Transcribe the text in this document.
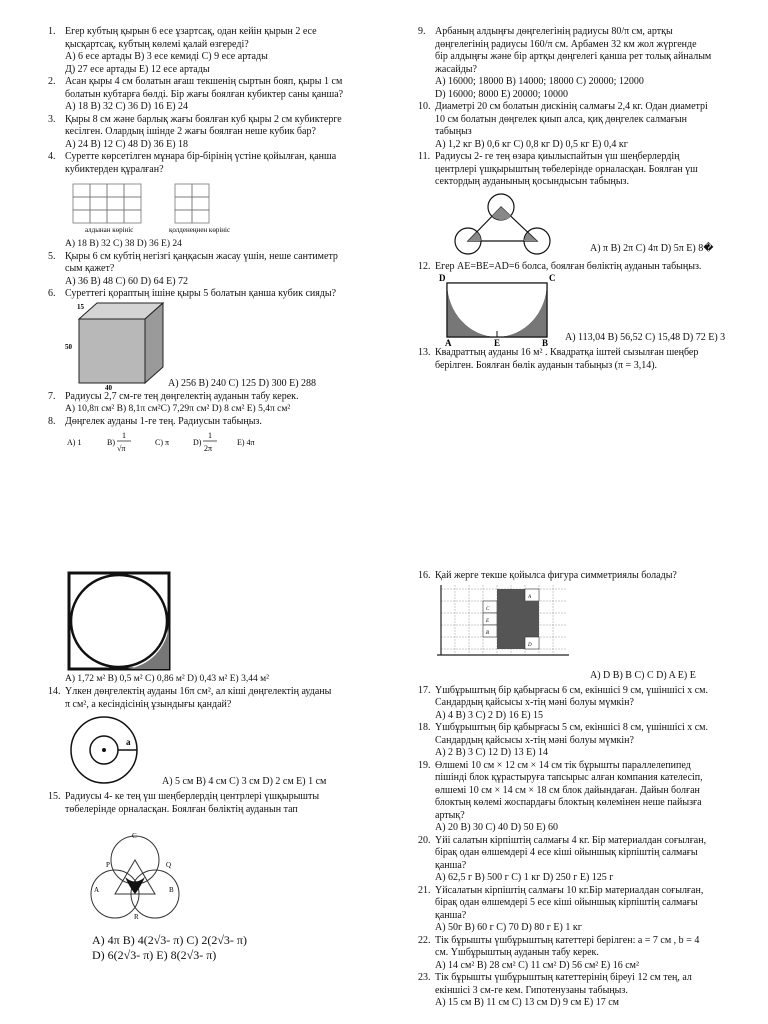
1. Егер кубтың қырын 6 есе ұзартсақ, одан кейін қырын 2 есе
қысқартсақ, кубтың көлемі қалай өзгереді?
А) 6 есе артады B) 3 есе кемиді C) 9 есе артады
Д) 27 есе артады E) 12 есе артады
2. Асан қыры 4 см болатын ағаш текшенің сыртын бояп, қыры 1 см
болатын кубтарға бөлді. Бір жағы боялған кубиктер саны қанша?
A) 18 B) 32 C) 36 D) 16 E) 24
3. Қыры 8 см және барлық жағы боялған куб қыры 2 см кубиктерге
кесілген. Олардың ішінде 2 жағы боялған неше кубик бар?
A) 24 B) 12 C) 48 D) 36 E) 18
4. Суретте көрсетілген мұнара бір-бірінің үстіне қойылған, қанша
кубиктерден құралған?
алдынан көрініс	қолденеңнен көрініс
A) 18 B) 32 C) 38 D) 36 E) 24
5. Қыры 6 см кубтің негізгі қаңқасын жасау үшін, неше сантиметр
сым қажет?
A) 36 B) 48 C) 60 D) 64 E) 72
6. Суреттегі қораптың ішіне қыры 5 болатын қанша кубик сияды?
15
50
40	A) 256 B) 240 C) 125 D) 300 E) 288
7. Радиусы 2,7 см-ге тең дөңгелектің ауданын табу керек.
A) 10,8π см² B) 8,1π см²C) 7,29π см² D) 8 см² E) 5,4π см²
8. Дөңгелек ауданы 1-ге тең. Радиусын табыңыз.
A) 1	B)
1
√π
C) π	D)
1
2π
E) 4π
A) 1,72 м² B) 0,5 м² C) 0,86 м² D) 0,43 м² E) 3,44 м²
14. Үлкен дөңгелектің ауданы 16π см², ал кіші дөңгелектің ауданы
π см², а кесіндісінің ұзындығы қандай?
a
A) 5 см B) 4 см C) 3 см D) 2 см E) 1 см
15. Радиусы 4- ке тең үш шеңберлердің центрлері үшқырышты
төбелерінде орналасқан. Боялған бөліктің ауданын тап
C
P	Q
A	B
R
A) 4π B) 4(2√3- π) C) 2(2√3- π)
D) 6(2√3- π) E) 8(2√3- π)
9. Арбаның алдыңғы дөңгелегінің радиусы 80/π см, артқы
дөңгелегінің радиусы 160/π см. Арбамен 32 км жол жүргенде
бір алдыңғы және бір артқы дөңгелегі қанша рет толық айналым
жасайды?
A) 16000; 18000 B) 14000; 18000 C) 20000; 12000
D) 16000; 8000 E) 20000; 10000
10. Диаметрі 20 см болатын дискінің салмағы 2,4 кг. Одан диаметрі
10 см болатын дөңгелек қиып алса, қиқ дөңгелек салмағын
табыңыз
A) 1,2 кг B) 0,6 кг C) 0,8 кг D) 0,5 кг E) 0,4 кг
11. Радиусы 2- ге тең өзара қиылыспайтын үш шеңберлердің
центрлері үшқырыштың төбелерінде орналасқан. Боялған үш
сектордың ауданының қосындысын табыңыз.
A) π B) 2π C) 4π D) 5π E) 8�
12. Егер AE=BE=AD=6 болса, боялған бөліктің ауданын табыңыз.
D	C
A	E	B A) 113,04 B) 56,52 C) 15,48 D) 72 E) 3
13. Квадраттың ауданы 16 м² . Квадратқа іштей сызылған шеңбер
берілген. Боялған бөлік ауданын табыңыз (π = 3,14).
16. Қай жерге текше қойылса фигура симметриялы болады?
A
C
E
B
D
A) D B) B C) C D) A E) E
17. Үшбұрыштың бір қабырғасы 6 см, екіншісі 9 см, үшіншісі x см.
Сандардың қайсысы x-тің мәні болуы мүмкін?
A) 4 B) 3 C) 2 D) 16 E) 15
18. Үшбұрыштың бір қабырғасы 5 см, екіншісі 8 см, үшіншісі x см.
Сандардың қайсысы x-тің мәні болуы мүмкін?
A) 2 B) 3 C) 12 D) 13 E) 14
19. Өлшемі 10 см × 12 см × 14 см тік бұрышты параллелепипед
пішінді блок құрастыруға тапсырыс алған компания кателесіп,
өлшемі 10 см × 14 см × 18 см блок дайындаған. Дайын болған
блоктың көлемі жоспардағы блоктың көлемінен неше пайызға
артық?
A) 20 B) 30 C) 40 D) 50 E) 60
20. Үйі салатын кірпіштің салмағы 4 кг. Бір материалдан соғылған,
бірақ одан өлшемдері 4 есе кіші ойыншық кірпіштің салмағы
қанша?
A) 62,5 г B) 500 г C) 1 кг D) 250 г E) 125 г
21. Үйсалатын кірпіштің салмағы 10 кг.Бір материалдан соғылған,
бірақ одан өлшемдері 5 есе кіші ойыншық кірпіштің салмағы
қанша?
A) 50г B) 60 г C) 70 D) 80 г E) 1 кг
22. Тік бұрышты үшбұрыштың катеттері берілген: a = 7 см , b = 4
см. Үшбұрыштың ауданын табу керек.
A) 14 см² B) 28 см² C) 11 см² D) 56 см² E) 16 см²
23. Тік бұрышты үшбұрыштың катеттерінің біреуі 12 см тең, ал
екіншісі 3 см-ге кем. Гипотенузаны табыңыз.
A) 15 см B) 11 см C) 13 см D) 9 см E) 17 см
